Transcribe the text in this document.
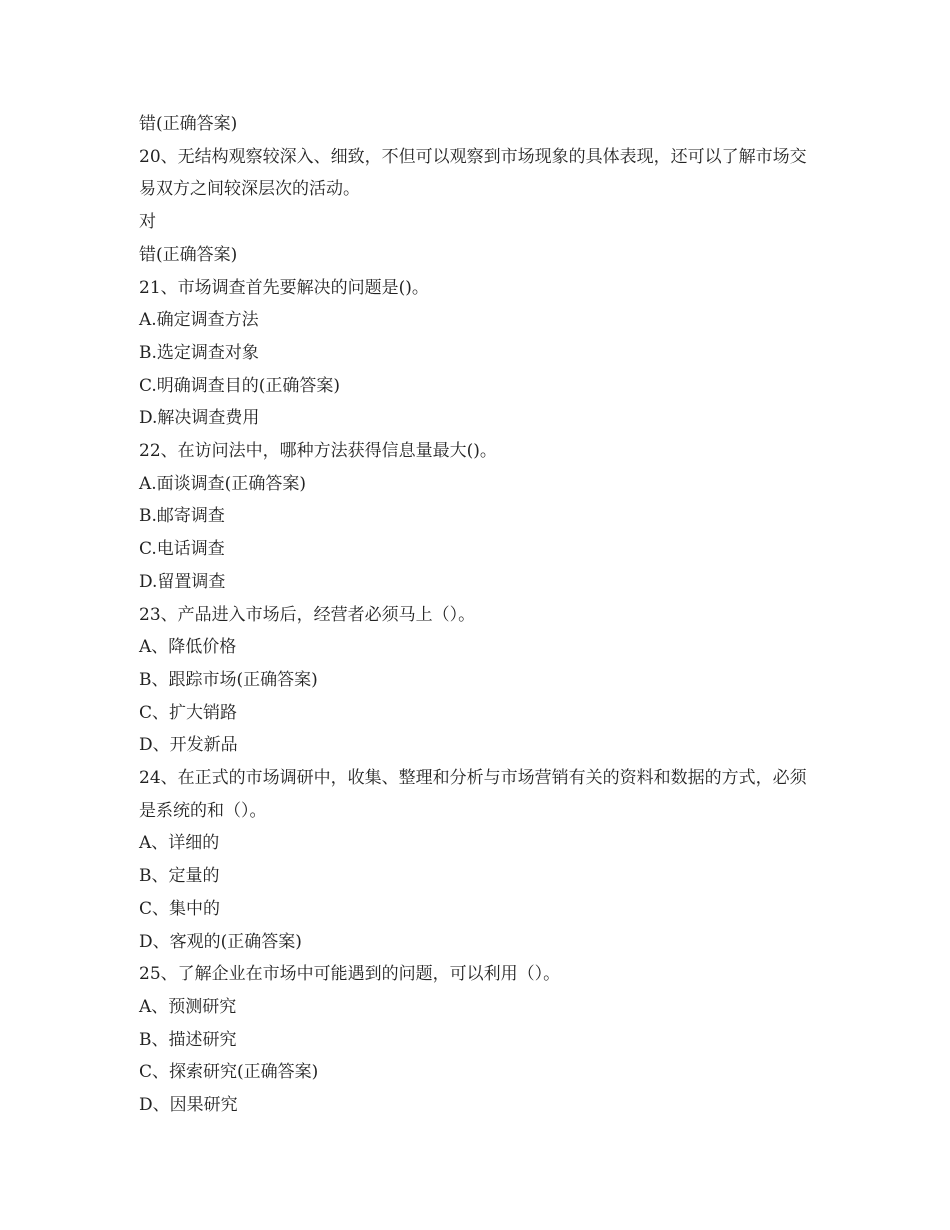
错(正确答案)

20、无结构观察较深入、细致，不但可以观察到市场现象的具体表现，还可以了解市场交易双方之间较深层次的活动。

对

错(正确答案)

21、市场调查首先要解决的问题是()。

A.确定调查方法

B.选定调查对象

C.明确调查目的(正确答案)

D.解决调查费用

22、在访问法中，哪种方法获得信息量最大()。

A.面谈调查(正确答案)

B.邮寄调查

C.电话调查

D.留置调查

23、产品进入市场后，经营者必须马上（）。

A、降低价格

B、跟踪市场(正确答案)

C、扩大销路

D、开发新品

24、在正式的市场调研中，收集、整理和分析与市场营销有关的资料和数据的方式，必须是系统的和（）。

A、详细的

B、定量的

C、集中的

D、客观的(正确答案)

25、了解企业在市场中可能遇到的问题，可以利用（）。

A、预测研究

B、描述研究

C、探索研究(正确答案)

D、因果研究
